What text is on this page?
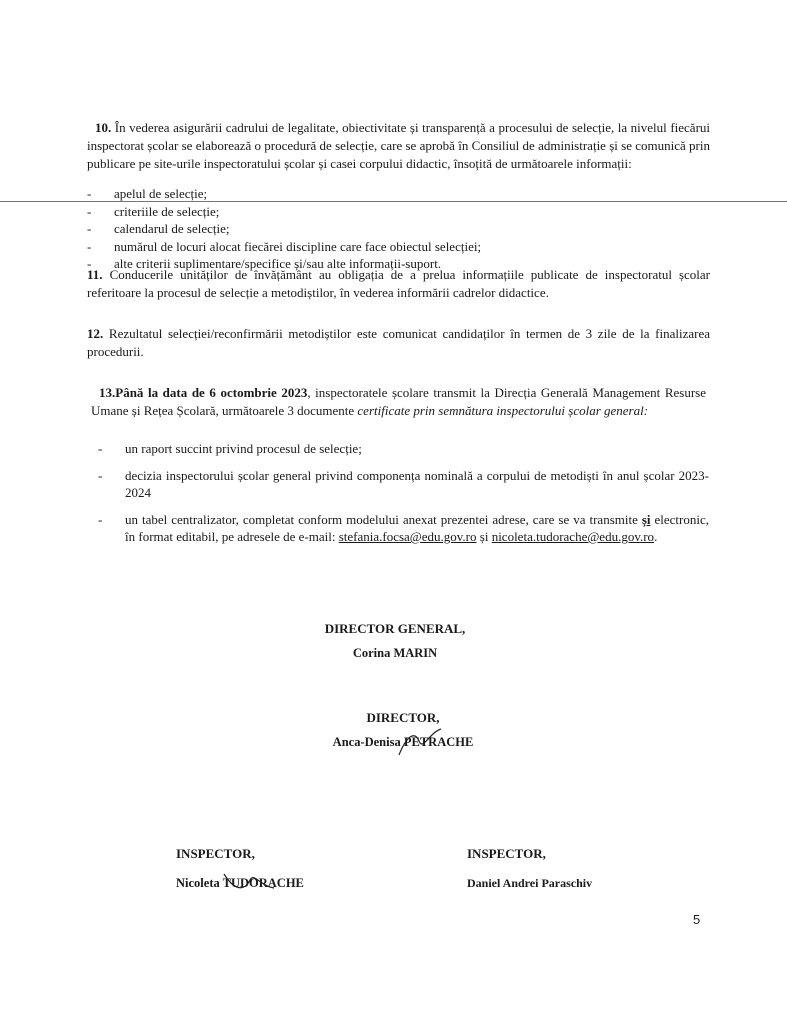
10. În vederea asigurării cadrului de legalitate, obiectivitate și transparență a procesului de selecție, la nivelul fiecărui inspectorat școlar se elaborează o procedură de selecție, care se aprobă în Consiliul de administrație și se comunică prin publicare pe site-urile inspectoratului școlar și casei corpului didactic, însoțită de următoarele informații:

- apelul de selecție;
- criteriile de selecție;
- calendarul de selecție;
- numărul de locuri alocat fiecărei discipline care face obiectul selecției;
- alte criterii suplimentare/specifice și/sau alte informații-suport.

11. Conducerile unităților de învățământ au obligația de a prelua informațiile publicate de inspectoratul școlar referitoare la procesul de selecție a metodiștilor, în vederea informării cadrelor didactice.

12. Rezultatul selecției/reconfirmării metodiștilor este comunicat candidaților în termen de 3 zile de la finalizarea procedurii.

13.Până la data de 6 octombrie 2023, inspectoratele școlare transmit la Direcția Generală Management Resurse Umane și Rețea Școlară, următoarele 3 documente certificate prin semnătura inspectorului școlar general:

- un raport succint privind procesul de selecție;
- decizia inspectorului școlar general privind componența nominală a corpului de metodiști în anul școlar 2023-2024
- un tabel centralizator, completat conform modelului anexat prezentei adrese, care se va transmite și electronic, în format editabil, pe adresele de e-mail: stefania.focsa@edu.gov.ro și nicoleta.tudorache@edu.gov.ro.
DIRECTOR GENERAL,
Corina MARIN
DIRECTOR,
Anca-Denisa PETRACHE
INSPECTOR,
Nicoleta TUDORACHE
INSPECTOR,
Daniel Andrei Paraschiv
5
